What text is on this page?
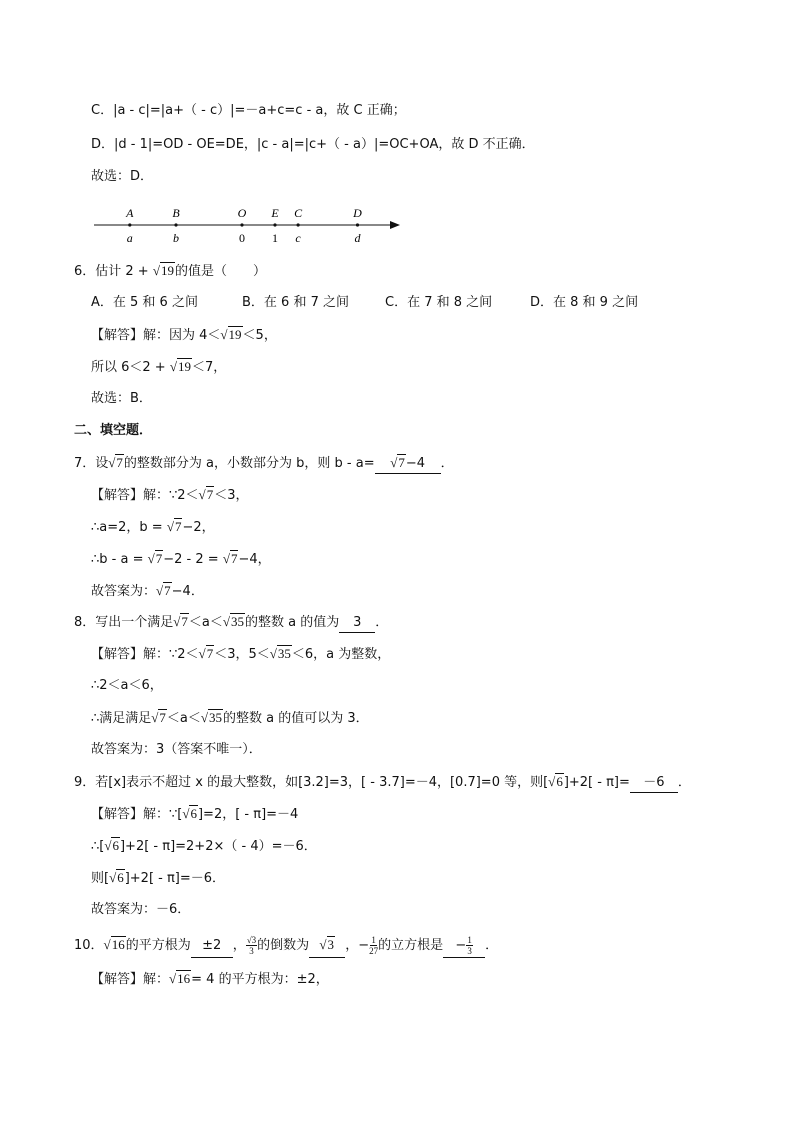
C．|a - c|=|a+（ - c）|=－a+c=c - a，故 C 正确；
D．|d - 1|=OD - OE=DE，|c - a|=|c+（ - a）|=OC+OA，故 D 不正确．
故选：D．
A
a
B
b
O
0
E
1
C
c
D
d
6．估计 2 + √19的值是（　　）
A．在 5 和 6 之间	B．在 6 和 7 之间	C．在 7 和 8 之间	D．在 8 和 9 之间
【解答】解：因为 4＜√19＜5，
所以 6＜2 + √19＜7，
故选：B．
二、填空题．
7．设√7的整数部分为 a，小数部分为 b，则 b - a= √7−4 ．
【解答】解：∵2＜√7＜3，
∴a=2，b = √7−2，
∴b - a = √7−2 - 2 = √7−4，
故答案为：√7−4．
8．写出一个满足√7＜a＜√35的整数 a 的值为 3 ．
【解答】解：∵2＜√7＜3，5＜√35＜6，a 为整数，
∴2＜a＜6，
∴满足满足√7＜a＜√35的整数 a 的值可以为 3．
故答案为：3（答案不唯一）．
9．若[x]表示不超过 x 的最大整数，如[3.2]=3，[ - 3.7]=－4，[0.7]=0 等，则[√6]+2[ - π]= －6 ．
【解答】解：∵[√6]=2，[ - π]=－4
∴[√6]+2[ - π]=2+2×（ - 4）=－6．
则[√6]+2[ - π]=－6．
故答案为：－6．
10．√16的平方根为 ±2 ， $\frac{√3}{3}$ 的倒数为 √3 ，− $\frac{1}{27}$ 的立方根是 − $\frac{1}{3}$ ．
【解答】解：√16= 4 的平方根为：±2，
